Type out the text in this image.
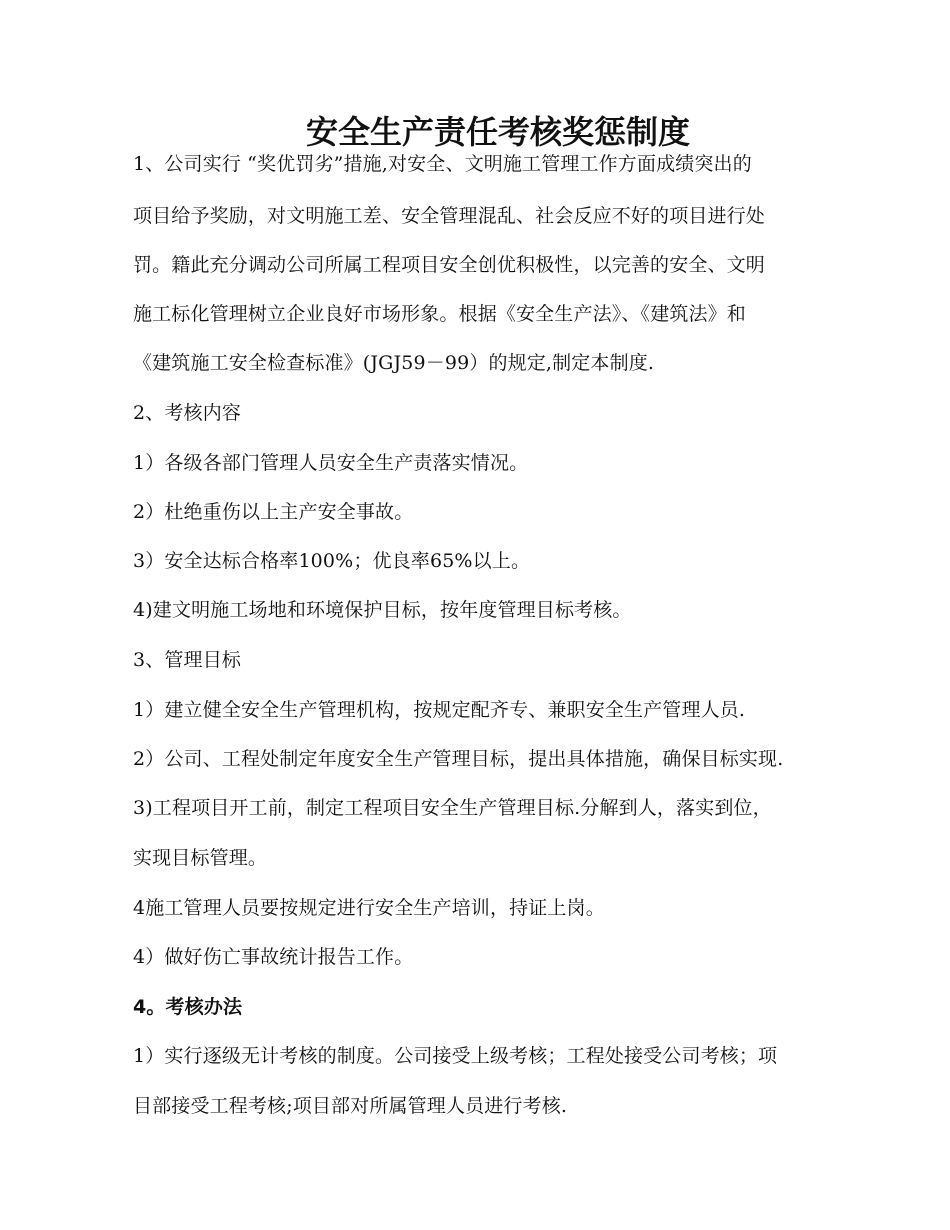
安全生产责任考核奖惩制度
1、公司实行 “奖优罚劣”措施,对安全、文明施工管理工作方面成绩突出的
项目给予奖励，对文明施工差、安全管理混乱、社会反应不好的项目进行处
罚。籍此充分调动公司所属工程项目安全创优积极性，以完善的安全、文明
施工标化管理树立企业良好市场形象。根据《安全生产法》、《建筑法》和
《建筑施工安全检查标准》(JGJ59－99）的规定,制定本制度.
2、考核内容
1）各级各部门管理人员安全生产责落实情况。
2）杜绝重伤以上主产安全事故。
3）安全达标合格率100%；优良率65%以上。
4)建文明施工场地和环境保护目标，按年度管理目标考核。
3、管理目标
1）建立健全安全生产管理机构，按规定配齐专、兼职安全生产管理人员.
2）公司、工程处制定年度安全生产管理目标，提出具体措施，确保目标实现.
3)工程项目开工前，制定工程项目安全生产管理目标.分解到人，落实到位，
实现目标管理。
4施工管理人员要按规定进行安全生产培训，持证上岗。
4）做好伤亡事故统计报告工作。
4。考核办法
1）实行逐级无计考核的制度。公司接受上级考核；工程处接受公司考核；项
目部接受工程考核;项目部对所属管理人员进行考核.
